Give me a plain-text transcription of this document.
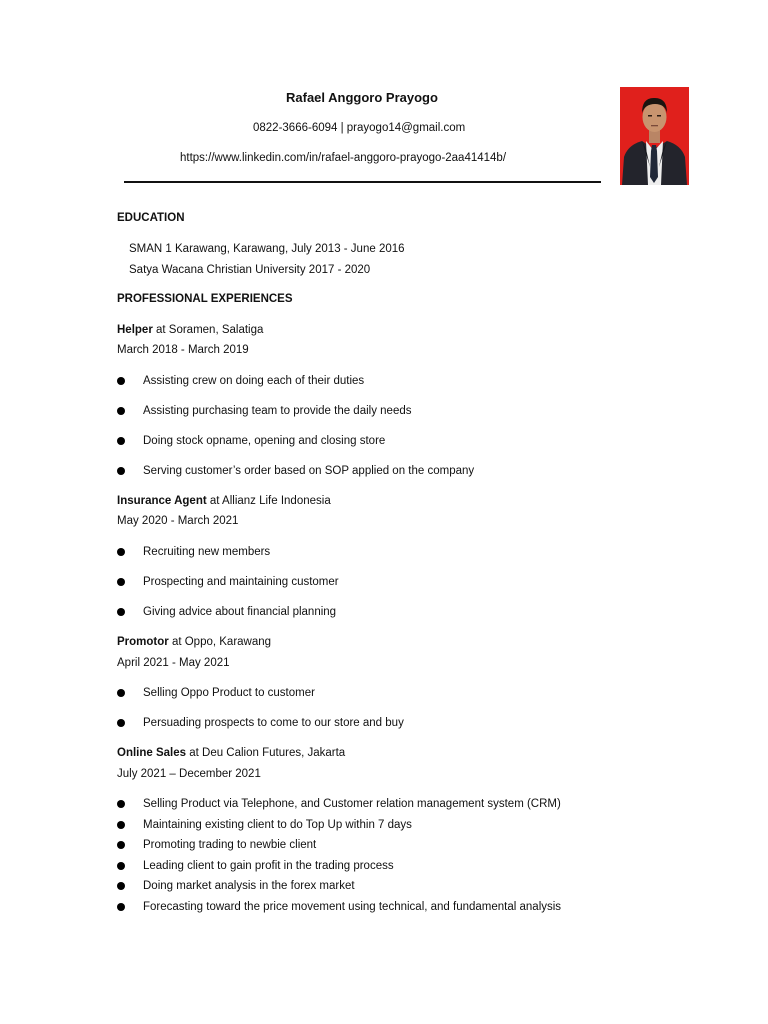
Rafael Anggoro Prayogo
0822-3666-6094 | prayogo14@gmail.com
https://www.linkedin.com/in/rafael-anggoro-prayogo-2aa41414b/
EDUCATION
SMAN 1 Karawang, Karawang, July 2013 - June 2016
Satya Wacana Christian University 2017 - 2020
PROFESSIONAL EXPERIENCES
Helper at Soramen, Salatiga
March 2018 - March 2019
Assisting crew on doing each of their duties
Assisting purchasing team to provide the daily needs
Doing stock opname, opening and closing store
Serving customer’s order based on SOP applied on the company
Insurance Agent at Allianz Life Indonesia
May 2020 - March 2021
Recruiting new members
Prospecting and maintaining customer
Giving advice about financial planning
Promotor at Oppo, Karawang
April 2021 - May 2021
Selling Oppo Product to customer
Persuading prospects to come to our store and buy
Online Sales at Deu Calion Futures, Jakarta
July 2021 – December 2021
Selling Product via Telephone, and Customer relation management system (CRM)
Maintaining existing client to do Top Up within 7 days
Promoting trading to newbie client
Leading client to gain profit in the trading process
Doing market analysis in the forex market
Forecasting toward the price movement using technical, and fundamental analysis
